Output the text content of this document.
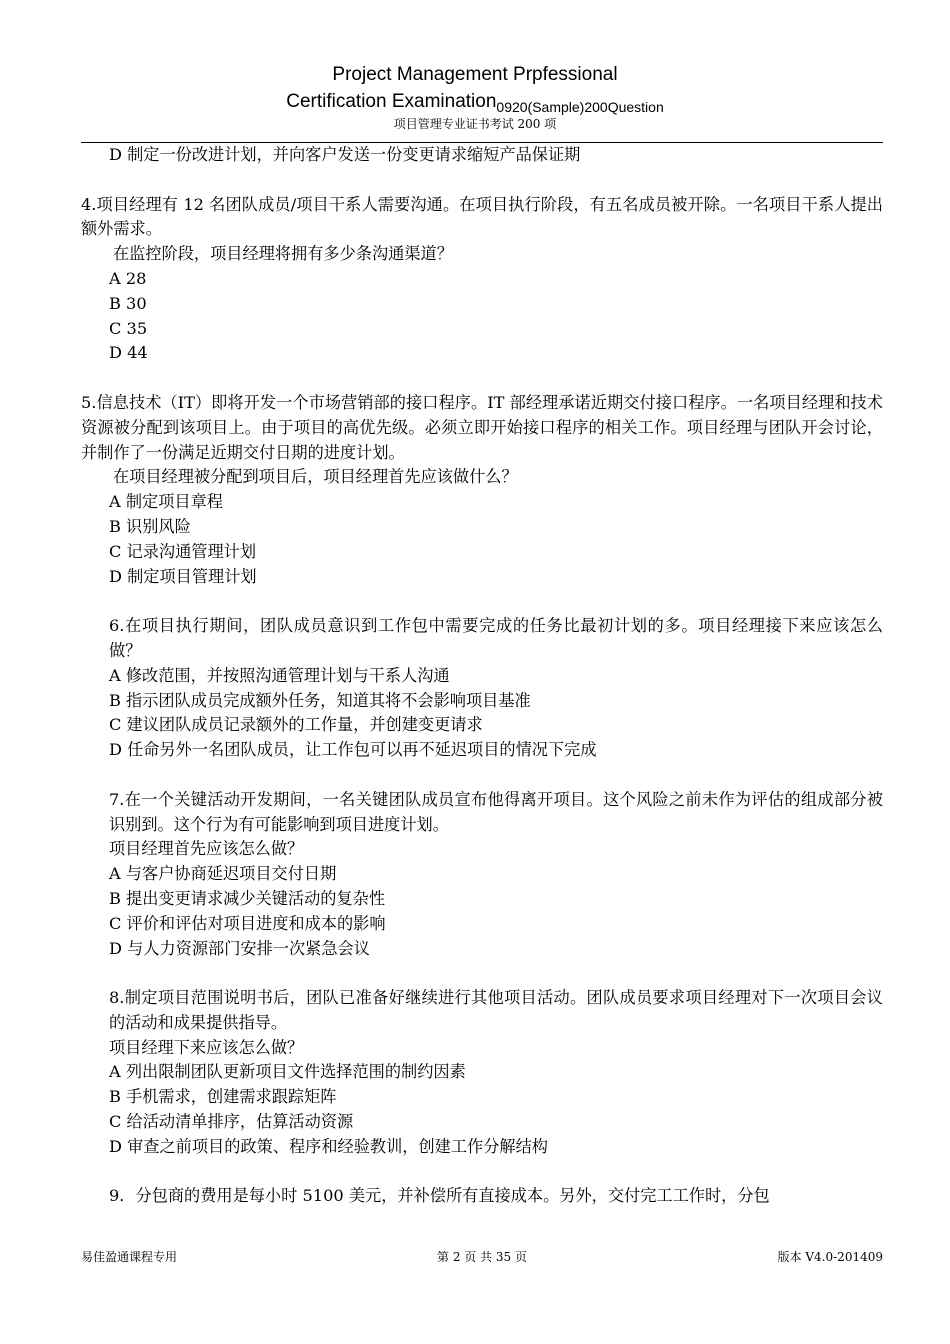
Project Management Prpfessional
Certification Examination$_{0920(Sample)200Question}$
项目管理专业证书考试 200 项
D 制定一份改进计划，并向客户发送一份变更请求缩短产品保证期
4.项目经理有 12 名团队成员/项目干系人需要沟通。在项目执行阶段，有五名成员被开除。一名项目干系人提出额外需求。
在监控阶段，项目经理将拥有多少条沟通渠道？
A 28
B 30
C 35
D 44
5.信息技术（IT）即将开发一个市场营销部的接口程序。IT 部经理承诺近期交付接口程序。一名项目经理和技术资源被分配到该项目上。由于项目的高优先级。必须立即开始接口程序的相关工作。项目经理与团队开会讨论，并制作了一份满足近期交付日期的进度计划。
在项目经理被分配到项目后，项目经理首先应该做什么？
A 制定项目章程
B 识别风险
C 记录沟通管理计划
D 制定项目管理计划
6.在项目执行期间，团队成员意识到工作包中需要完成的任务比最初计划的多。项目经理接下来应该怎么做？
A 修改范围，并按照沟通管理计划与干系人沟通
B 指示团队成员完成额外任务，知道其将不会影响项目基准
C 建议团队成员记录额外的工作量，并创建变更请求
D 任命另外一名团队成员，让工作包可以再不延迟项目的情况下完成
7.在一个关键活动开发期间，一名关键团队成员宣布他得离开项目。这个风险之前未作为评估的组成部分被识别到。这个行为有可能影响到项目进度计划。
项目经理首先应该怎么做？
A 与客户协商延迟项目交付日期
B 提出变更请求减少关键活动的复杂性
C 评价和评估对项目进度和成本的影响
D 与人力资源部门安排一次紧急会议
8.制定项目范围说明书后，团队已准备好继续进行其他项目活动。团队成员要求项目经理对下一次项目会议的活动和成果提供指导。
项目经理下来应该怎么做？
A 列出限制团队更新项目文件选择范围的制约因素
B 手机需求，创建需求跟踪矩阵
C 给活动清单排序，估算活动资源
D 审查之前项目的政策、程序和经验教训，创建工作分解结构
9．分包商的费用是每小时 5100 美元，并补偿所有直接成本。另外，交付完工工作时，分包
易佳盈通课程专用	第 2 页 共 35 页	版本 V4.0-201409
